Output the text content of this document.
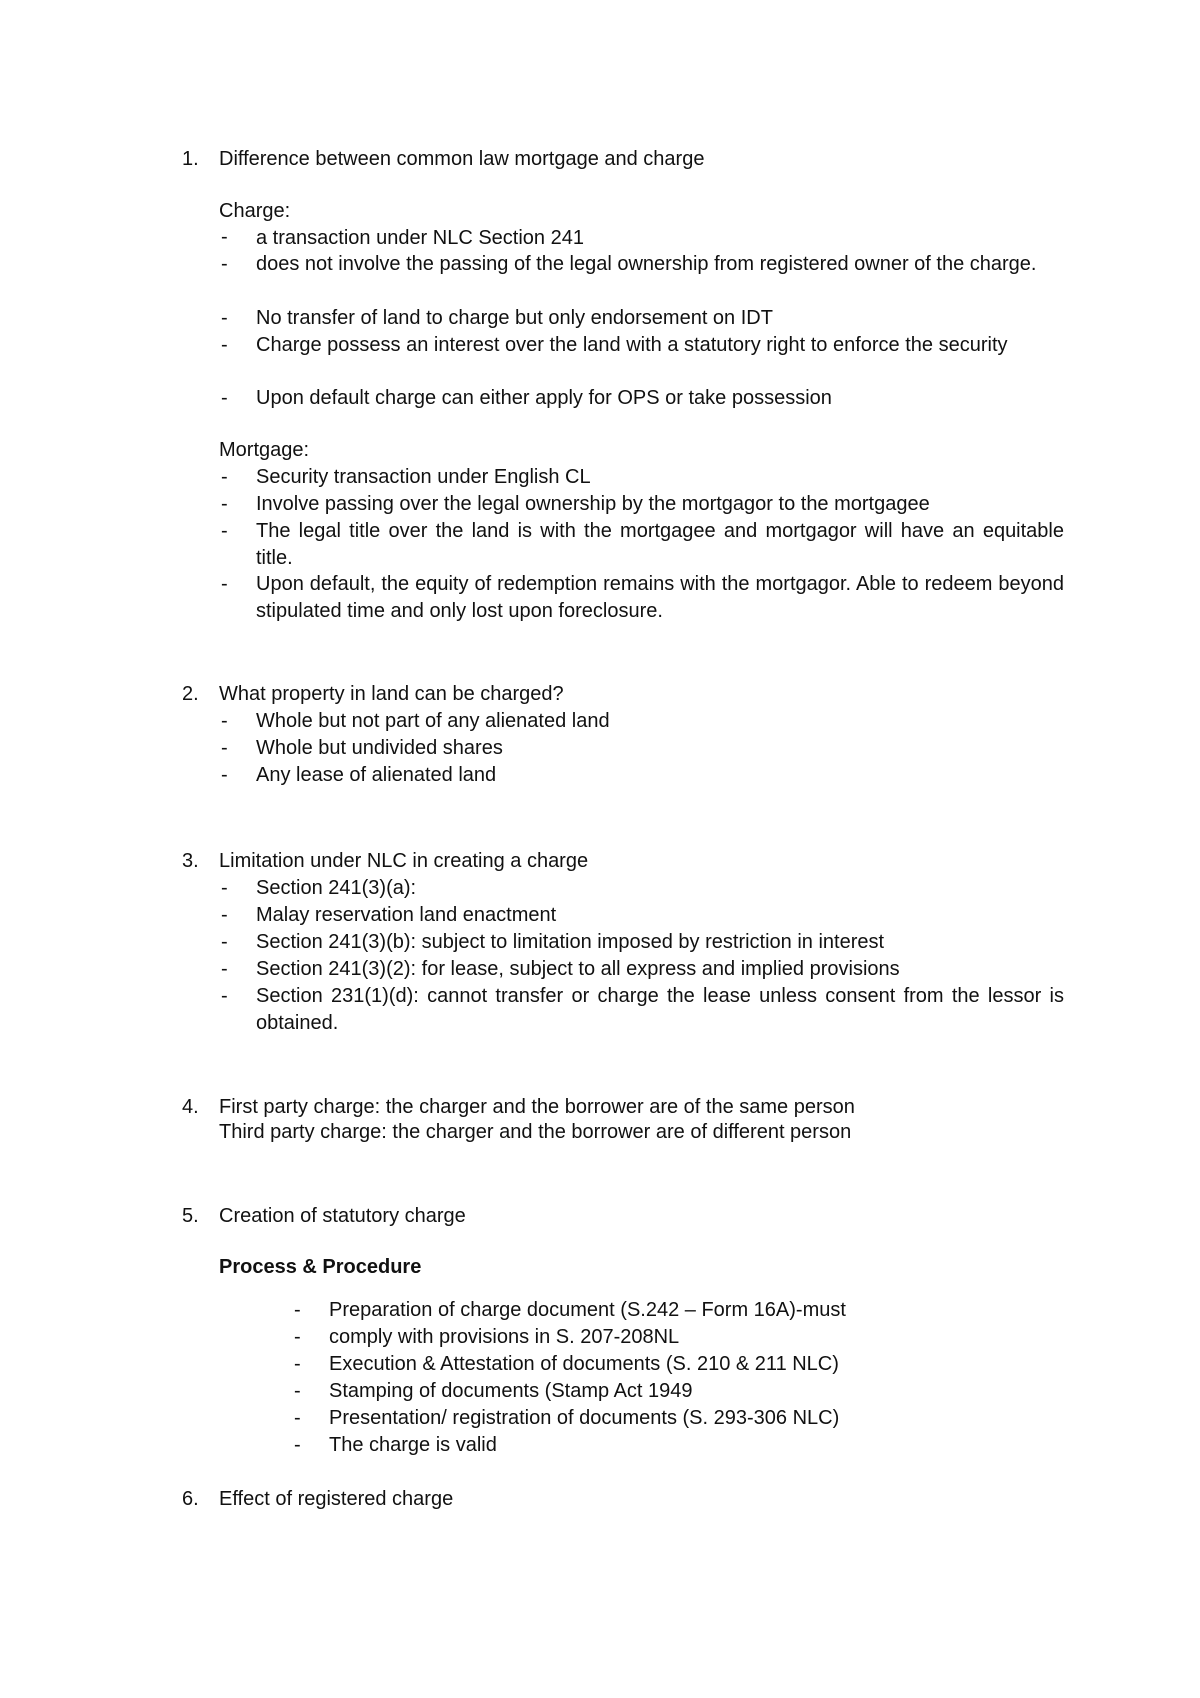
1. Difference between common law mortgage and charge
Charge:
- a transaction under NLC Section 241
- does not involve the passing of the legal ownership from registered owner of the charge.
- No transfer of land to charge but only endorsement on IDT
- Charge possess an interest over the land with a statutory right to enforce the security
- Upon default charge can either apply for OPS or take possession
Mortgage:
- Security transaction under English CL
- Involve passing over the legal ownership by the mortgagor to the mortgagee
- The legal title over the land is with the mortgagee and mortgagor will have an equitable title.
- Upon default, the equity of redemption remains with the mortgagor. Able to redeem beyond stipulated time and only lost upon foreclosure.
2. What property in land can be charged?
- Whole but not part of any alienated land
- Whole but undivided shares
- Any lease of alienated land
3. Limitation under NLC in creating a charge
- Section 241(3)(a):
- Malay reservation land enactment
- Section 241(3)(b): subject to limitation imposed by restriction in interest
- Section 241(3)(2): for lease, subject to all express and implied provisions
- Section 231(1)(d): cannot transfer or charge the lease unless consent from the lessor is obtained.
4. First party charge: the charger and the borrower are of the same person
Third party charge: the charger and the borrower are of different person
5. Creation of statutory charge
Process & Procedure
- Preparation of charge document (S.242 – Form 16A)-must
- comply with provisions in S. 207-208NL
- Execution & Attestation of documents (S. 210 & 211 NLC)
- Stamping of documents (Stamp Act 1949
- Presentation/ registration of documents (S. 293-306 NLC)
- The charge is valid
6. Effect of registered charge
